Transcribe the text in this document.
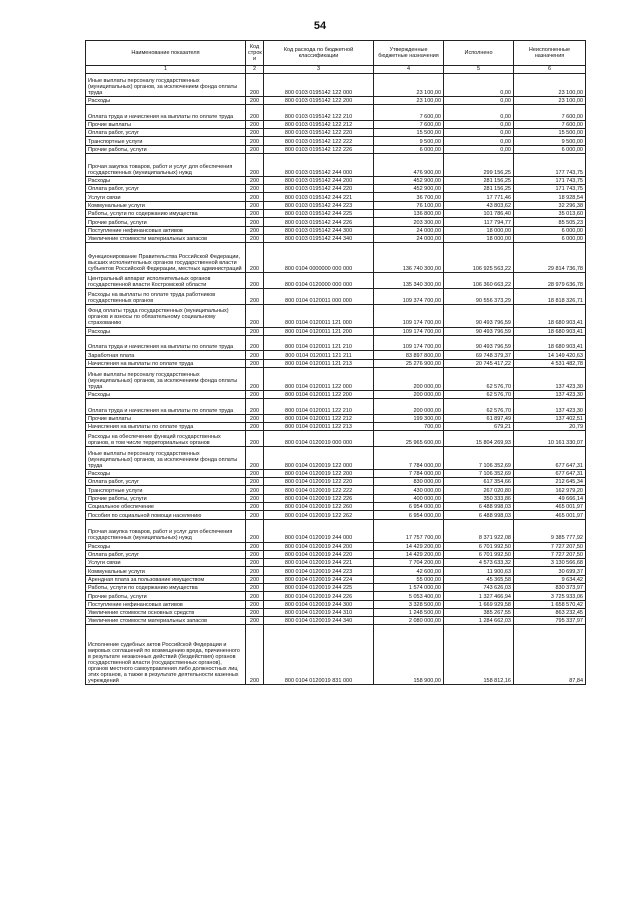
54
Наименование показателя	Код строк и	Код расхода по бюджетной классификации	Утвержденные бюджетные назначения	Исполнено	Неисполненные назначения
1	2	3	4	5	6
Иные выплаты персоналу государственных (муниципальных) органов, за исключением фонда оплаты труда	200	800 0103 0195142 122 000	23 100,00	0,00	23 100,00
Расходы	200	800 0103 0195142 122 200	23 100,00	0,00	23 100,00
Оплата труда и начисления на выплаты по оплате труда	200	800 0103 0195142 122 210	7 600,00	0,00	7 600,00
Прочие выплаты	200	800 0103 0195142 122 212	7 600,00	0,00	7 600,00
Оплата работ, услуг	200	800 0103 0195142 122 220	15 500,00	0,00	15 500,00
Транспортные услуги	200	800 0103 0195142 122 222	9 500,00	0,00	9 500,00
Прочие работы, услуги	200	800 0103 0195142 122 226	6 000,00	0,00	6 000,00
Прочая закупка товаров, работ и услуг для обеспечения государственных (муниципальных) нужд	200	800 0103 0195142 244 000	476 900,00	299 156,25	177 743,75
Расходы	200	800 0103 0195142 244 200	452 900,00	281 156,25	171 743,75
Оплата работ, услуг	200	800 0103 0195142 244 220	452 900,00	281 156,25	171 743,75
Услуги связи	200	800 0103 0195142 244 221	36 700,00	17 771,46	18 928,54
Коммунальные услуги	200	800 0103 0195142 244 223	76 100,00	43 803,62	32 296,38
Работы, услуги по содержанию имущества	200	800 0103 0195142 244 225	136 800,00	101 786,40	35 013,60
Прочие работы, услуги	200	800 0103 0195142 244 226	203 300,00	117 794,77	85 505,23
Поступление нефинансовых активов	200	800 0103 0195142 244 300	24 000,00	18 000,00	6 000,00
Увеличение стоимости материальных запасов	200	800 0103 0195142 244 340	24 000,00	18 000,00	6 000,00
Функционирование Правительства Российской Федерации, высших исполнительных органов государственной власти субъектов Российской Федерации, местных администраций	200	800 0104 0000000 000 000	136 740 300,00	106 925 563,22	29 814 736,78
Центральный аппарат исполнительных органов государственной власти Костромской области	200	800 0104 0120000 000 000	135 340 300,00	106 360 663,22	28 979 636,78
Расходы на выплаты по оплате труда работников государственных органов	200	800 0104 0120011 000 000	109 374 700,00	90 556 373,29	18 818 326,71
Фонд оплаты труда государственных (муниципальных) органов и взносы по обязательному социальному страхованию	200	800 0104 0120011 121 000	109 174 700,00	90 493 796,59	18 680 903,41
Расходы	200	800 0104 0120011 121 200	109 174 700,00	90 493 796,59	18 680 903,41
Оплата труда и начисления на выплаты по оплате труда	200	800 0104 0120011 121 210	109 174 700,00	90 493 796,59	18 680 903,41
Заработная плата	200	800 0104 0120011 121 211	83 897 800,00	69 748 379,37	14 149 420,63
Начисления на выплаты по оплате труда	200	800 0104 0120011 121 213	25 276 900,00	20 745 417,22	4 531 482,78
Иные выплаты персоналу государственных (муниципальных) органов, за исключением фонда оплаты труда	200	800 0104 0120011 122 000	200 000,00	62 576,70	137 423,30
Расходы	200	800 0104 0120011 122 200	200 000,00	62 576,70	137 423,30
Оплата труда и начисления на выплаты по оплате труда	200	800 0104 0120011 122 210	200 000,00	62 576,70	137 423,30
Прочие выплаты	200	800 0104 0120011 122 212	199 300,00	61 897,49	137 402,51
Начисления на выплаты по оплате труда	200	800 0104 0120011 122 213	700,00	679,21	20,79
Расходы на обеспечение функций государственных органов, в том числе территориальных органов	200	800 0104 0120019 000 000	25 965 600,00	15 804 269,93	10 161 330,07
Иные выплаты персоналу государственных (муниципальных) органов, за исключением фонда оплаты труда	200	800 0104 0120019 122 000	7 784 000,00	7 106 352,69	677 647,31
Расходы	200	800 0104 0120019 122 200	7 784 000,00	7 106 352,69	677 647,31
Оплата работ, услуг	200	800 0104 0120019 122 220	830 000,00	617 354,66	212 645,34
Транспортные услуги	200	800 0104 0120019 122 222	430 000,00	267 020,80	162 979,20
Прочие работы, услуги	200	800 0104 0120019 122 226	400 000,00	350 333,86	49 666,14
Социальное обеспечение	200	800 0104 0120019 122 260	6 954 000,00	6 488 998,03	465 001,97
Пособия по социальной помощи населению	200	800 0104 0120019 122 262	6 954 000,00	6 488 998,03	465 001,97
Прочая закупка товаров, работ и услуг для обеспечения государственных (муниципальных) нужд	200	800 0104 0120019 244 000	17 757 700,00	8 371 922,08	9 385 777,92
Расходы	200	800 0104 0120019 244 200	14 429 200,00	6 701 992,50	7 727 207,50
Оплата работ, услуг	200	800 0104 0120019 244 220	14 429 200,00	6 701 992,50	7 727 207,50
Услуги связи	200	800 0104 0120019 244 221	7 704 200,00	4 573 633,32	3 130 566,68
Коммунальные услуги	200	800 0104 0120019 244 223	42 600,00	11 900,63	30 699,37
Арендная плата за пользование имуществом	200	800 0104 0120019 244 224	55 000,00	45 365,58	9 634,42
Работы, услуги по содержанию имущества	200	800 0104 0120019 244 225	1 574 000,00	743 626,03	830 373,97
Прочие работы, услуги	200	800 0104 0120019 244 226	5 053 400,00	1 327 466,94	3 725 933,06
Поступление нефинансовых активов	200	800 0104 0120019 244 300	3 328 500,00	1 669 929,58	1 658 570,42
Увеличение стоимости основных средств	200	800 0104 0120019 244 310	1 248 500,00	385 267,55	863 232,45
Увеличение стоимости материальных запасов	200	800 0104 0120019 244 340	2 080 000,00	1 284 662,03	795 337,97
Исполнение судебных актов Российской Федерации и мировых соглашений по возмещению вреда, причиненного в результате незаконных действий (бездействия) органов государственной власти (государственных органов), органов местного самоуправления либо должностных лиц этих органов, а также в результате деятельности казенных учреждений	200	800 0104 0120019 831 000	158 900,00	158 812,16	87,84
